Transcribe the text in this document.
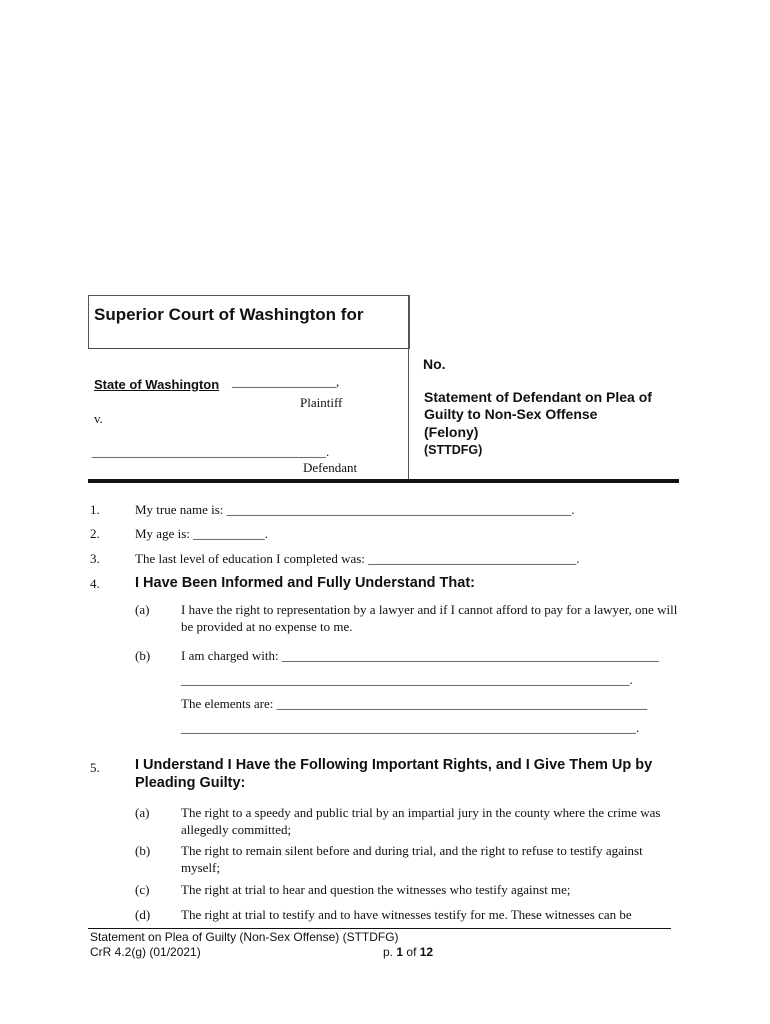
Superior Court of Washington for
No.
State of Washington ________________,
Plaintiff
v.
____________________________________.
Defendant
Statement of Defendant on Plea of
Guilty to Non-Sex Offense
(Felony)
(STTDFG)
1.	My true name is: _____________________________________________________.
2.	My age is: ___________.
3.	The last level of education I completed was: ________________________________.
4. I Have Been Informed and Fully Understand That:
(a) I have the right to representation by a lawyer and if I cannot afford to pay for a lawyer, one will be provided at no expense to me.
(b) I am charged with: __________________________________________________________
_____________________________________________________________________.
The elements are: _________________________________________________________
______________________________________________________________________.
5. I Understand I Have the Following Important Rights, and I Give Them Up by Pleading Guilty:
(a) The right to a speedy and public trial by an impartial jury in the county where the crime was allegedly committed;
(b) The right to remain silent before and during trial, and the right to refuse to testify against myself;
(c) The right at trial to hear and question the witnesses who testify against me;
(d) The right at trial to testify and to have witnesses testify for me. These witnesses can be
Statement on Plea of Guilty (Non-Sex Offense) (STTDFG)
CrR 4.2(g) (01/2021)	p. 1 of 12
